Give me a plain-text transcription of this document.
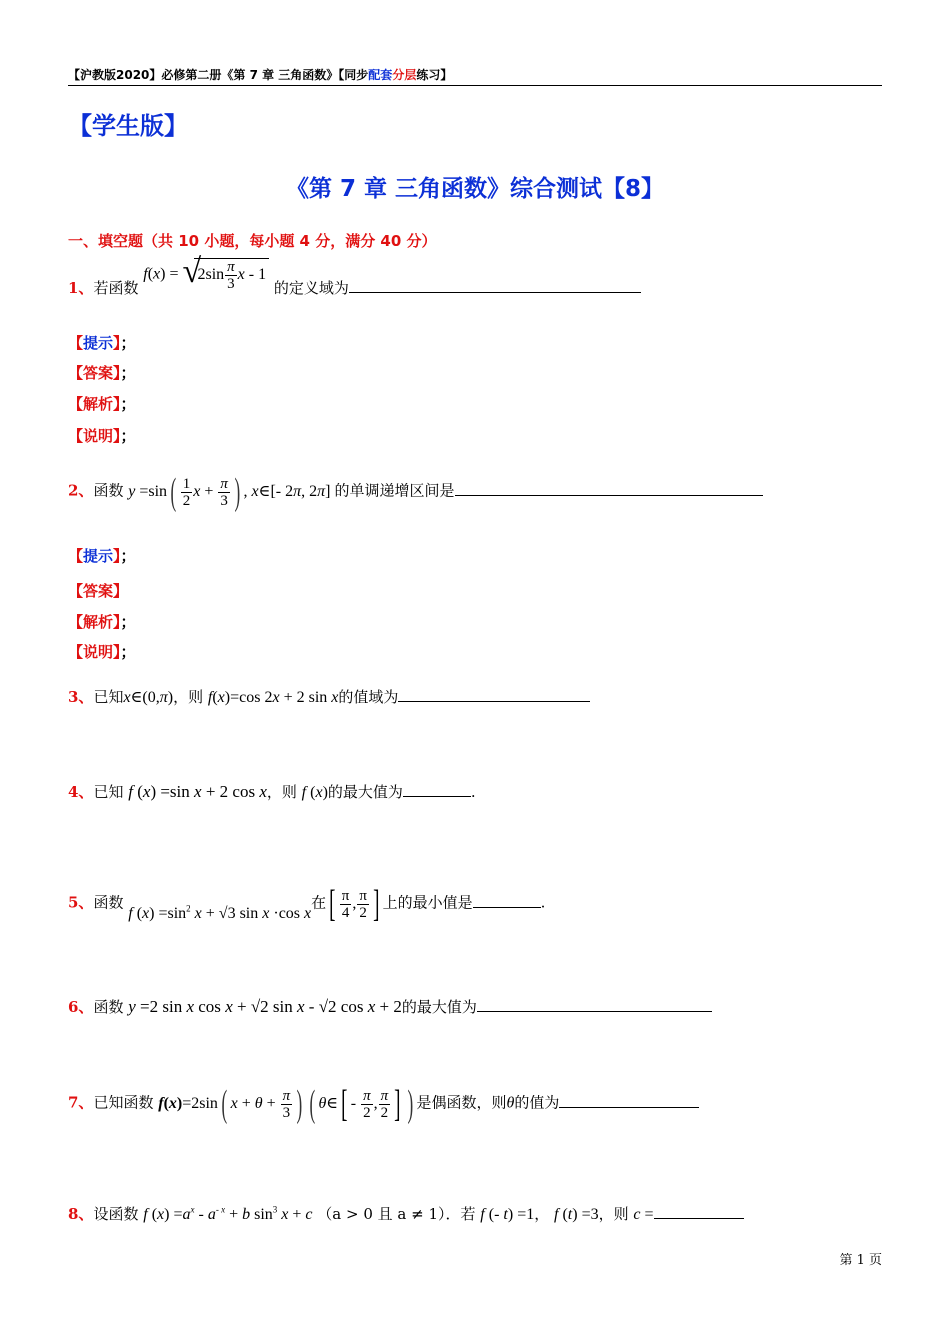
【沪教版2020】必修第二册《第 7 章 三角函数》【同步配套分层练习】
【学生版】
《第 7 章 三角函数》综合测试【8】
一、填空题（共 10 小题，每小题 4 分，满分 40 分）
1、若函数 f(x) = √
$2\sin \frac{\pi}{3}$ x - 1 的定义域为
【提示】；
【答案】；
【解析】；
【说明】；
2、函数 $y =\sin( \frac{1}{2}$ $x + \frac{\pi}{3}$ ) , x∈[- 2π, 2π] 的单调递增区间是
【提示】；
【答案】
【解析】；
【说明】；
3、已知x∈(0,π)，则 f(x)=cos 2x + 2 sin x的值域为
4、已知 f (x) =sin x + 2 cos x，则 f (x)的最大值为	.
5、函数 f $(x) =\sin^2$ x + √3 sin x ·cos x在[ $\frac{\pi}{4}$ , $\frac{\pi}{2}$ ] 上的最小值是	.
6、函数 y =2 sin x cos x + √2 sin x - √2 cos x + 2的最大值为
7、已知函数 f(x)=2sin( $x + \theta + \frac{\pi}{3}$ ) ( θ∈[ - $\frac{\pi}{2}$ , $\frac{\pi}{2}$ ] ) 是偶函数，则θ的值为
8、设函数 f $(x) =a^x - a^{- x} + b$ $\sin^3 x + c$ （a > 0 且 a ≠ 1）．若 f (- t) =1， f (t) =3，则 c =
第 1 页
